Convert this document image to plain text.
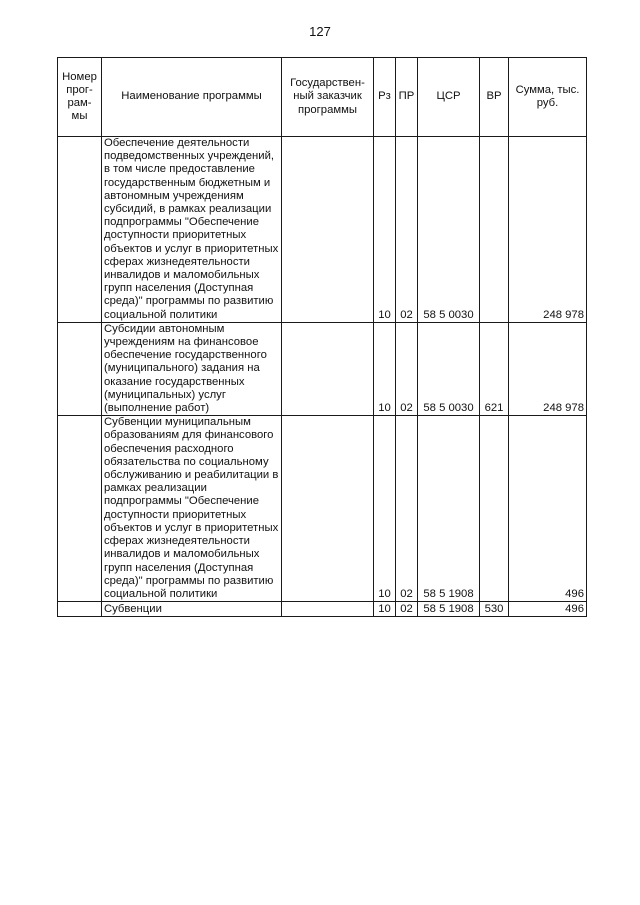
127
Номер прог-рам-мы	Наименование программы	Государствен-ный заказчик программы	Рз	ПР	ЦСР	ВР	Сумма, тыс. руб.
	Обеспечение деятельности подведомственных учреждений, в том числе предоставление государственным бюджетным и автономным учреждениям субсидий, в рамках реализации подпрограммы "Обеспечение доступности приоритетных объектов и услуг в приоритетных сферах жизнедеятельности инвалидов и маломобильных групп населения (Доступная среда)" программы по развитию социальной политики		10	02	58 5 0030		248 978
	Субсидии автономным учреждениям на финансовое обеспечение государственного (муниципального) задания на оказание государственных (муниципальных) услуг (выполнение работ)		10	02	58 5 0030	621	248 978
	Субвенции муниципальным образованиям для финансового обеспечения расходного обязательства по социальному обслуживанию и реабилитации в рамках реализации подпрограммы "Обеспечение доступности приоритетных объектов и услуг в приоритетных сферах жизнедеятельности инвалидов и маломобильных групп населения (Доступная среда)" программы по развитию социальной политики		10	02	58 5 1908		496
	Субвенции		10	02	58 5 1908	530	496
